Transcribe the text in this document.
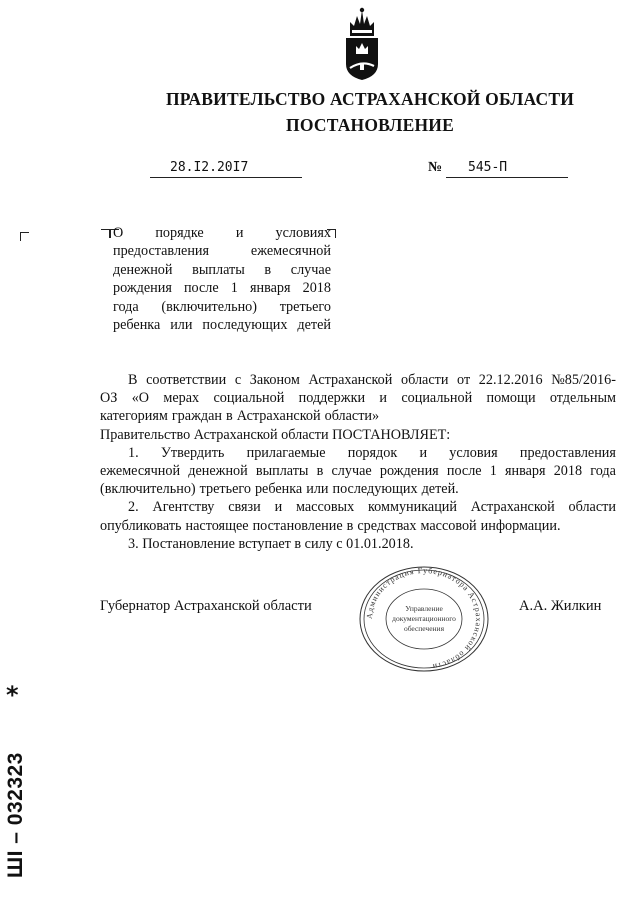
ПРАВИТЕЛЬСТВО АСТРАХАНСКОЙ ОБЛАСТИ
ПОСТАНОВЛЕНИЕ
28.I2.20I7	№	545-П
О порядке и условиях
предоставления	ежемесячной
денежной выплаты в случае
рождения после 1 января 2018
года (включительно) третьего
ребенка или последующих детей
В соответствии с Законом Астраханской области от 22.12.2016 №85/2016-
ОЗ «О мерах социальной поддержки и социальной помощи отдельным
категориям граждан в Астраханской области»
Правительство Астраханской области ПОСТАНОВЛЯЕТ:
1. Утвердить прилагаемые порядок и условия предоставления
ежемесячной денежной выплаты в случае рождения после 1 января 2018 года
(включительно) третьего ребенка или последующих детей.
2. Агентству связи и массовых коммуникаций Астраханской области
опубликовать настоящее постановление в средствах массовой информации.
3. Постановление вступает в силу с 01.01.2018.
Губернатор Астраханской области	А.А. Жилкин
Администрация Губернатора Астраханской области
Управление
документационного
обеспечения
*
ШI – 032323
